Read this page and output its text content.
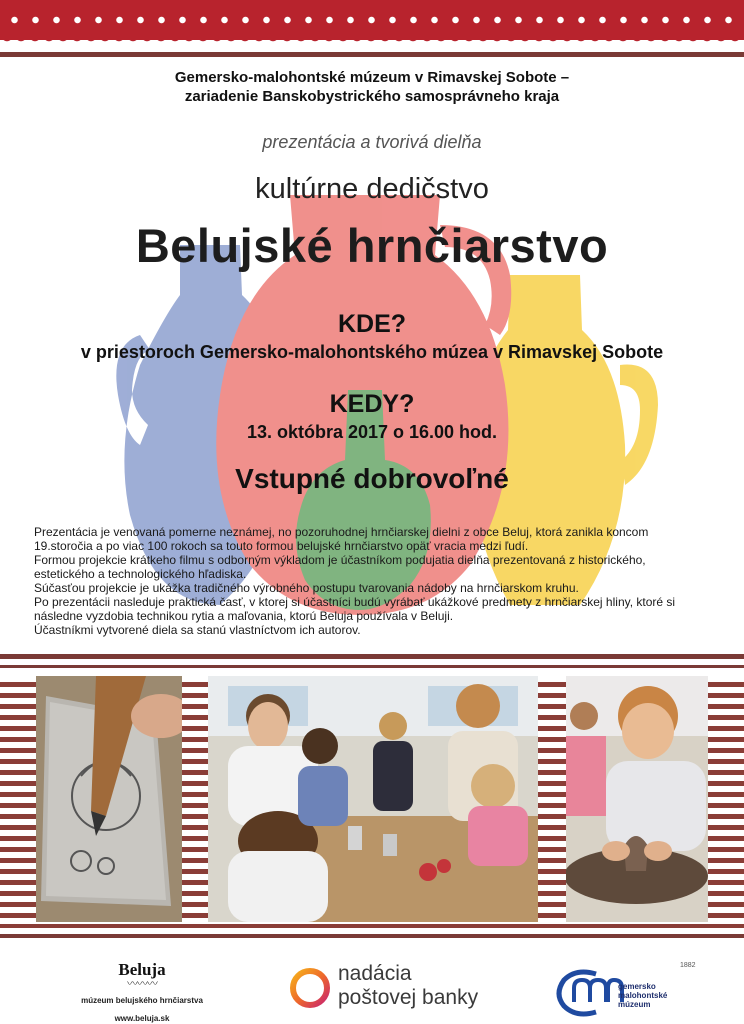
Gemersko-malohontské múzeum v Rimavskej Sobote –
zariadenie Banskobystrického samosprávneho kraja
prezentácia a tvorivá dielňa
kultúrne dedičstvo
Belujské hrnčiarstvo
KDE?
v priestoroch Gemersko-malohontského múzea v Rimavskej Sobote
KEDY?
13. októbra 2017 o 16.00 hod.
Vstupné dobrovoľné

Prezentácia je venovaná pomerne neznámej, no pozoruhodnej hrnčiarskej dielni z obce Beluj, ktorá zanikla koncom

19.storočia a po viac 100 rokoch sa touto formou belujské hrnčiarstvo opäť vracia medzi ľudí.

Formou projekcie krátkeho filmu s odborným výkladom je účastníkom podujatia dielňa prezentovaná z historického,

estetického a technologického hľadiska.

Súčasťou projekcie je ukážka tradičného výrobného postupu tvarovania nádoby na hrnčiarskom kruhu.

Po prezentácii nasleduje praktická časť, v ktorej si účastníci budú vyrábať ukážkové predmety z hrnčiarskej hliny, ktoré si

následne vyzdobia technikou rytia a maľovania, ktorú Beluja používala v Beluji.

Účastníkmi vytvorené diela sa stanú vlastníctvom ich autorov.

Beluja
〰〰〰
múzeum belujského hrnčiarstva
www.beluja.sk
nadácia
poštovej banky
1882
gemersko
malohontské
múzeum
